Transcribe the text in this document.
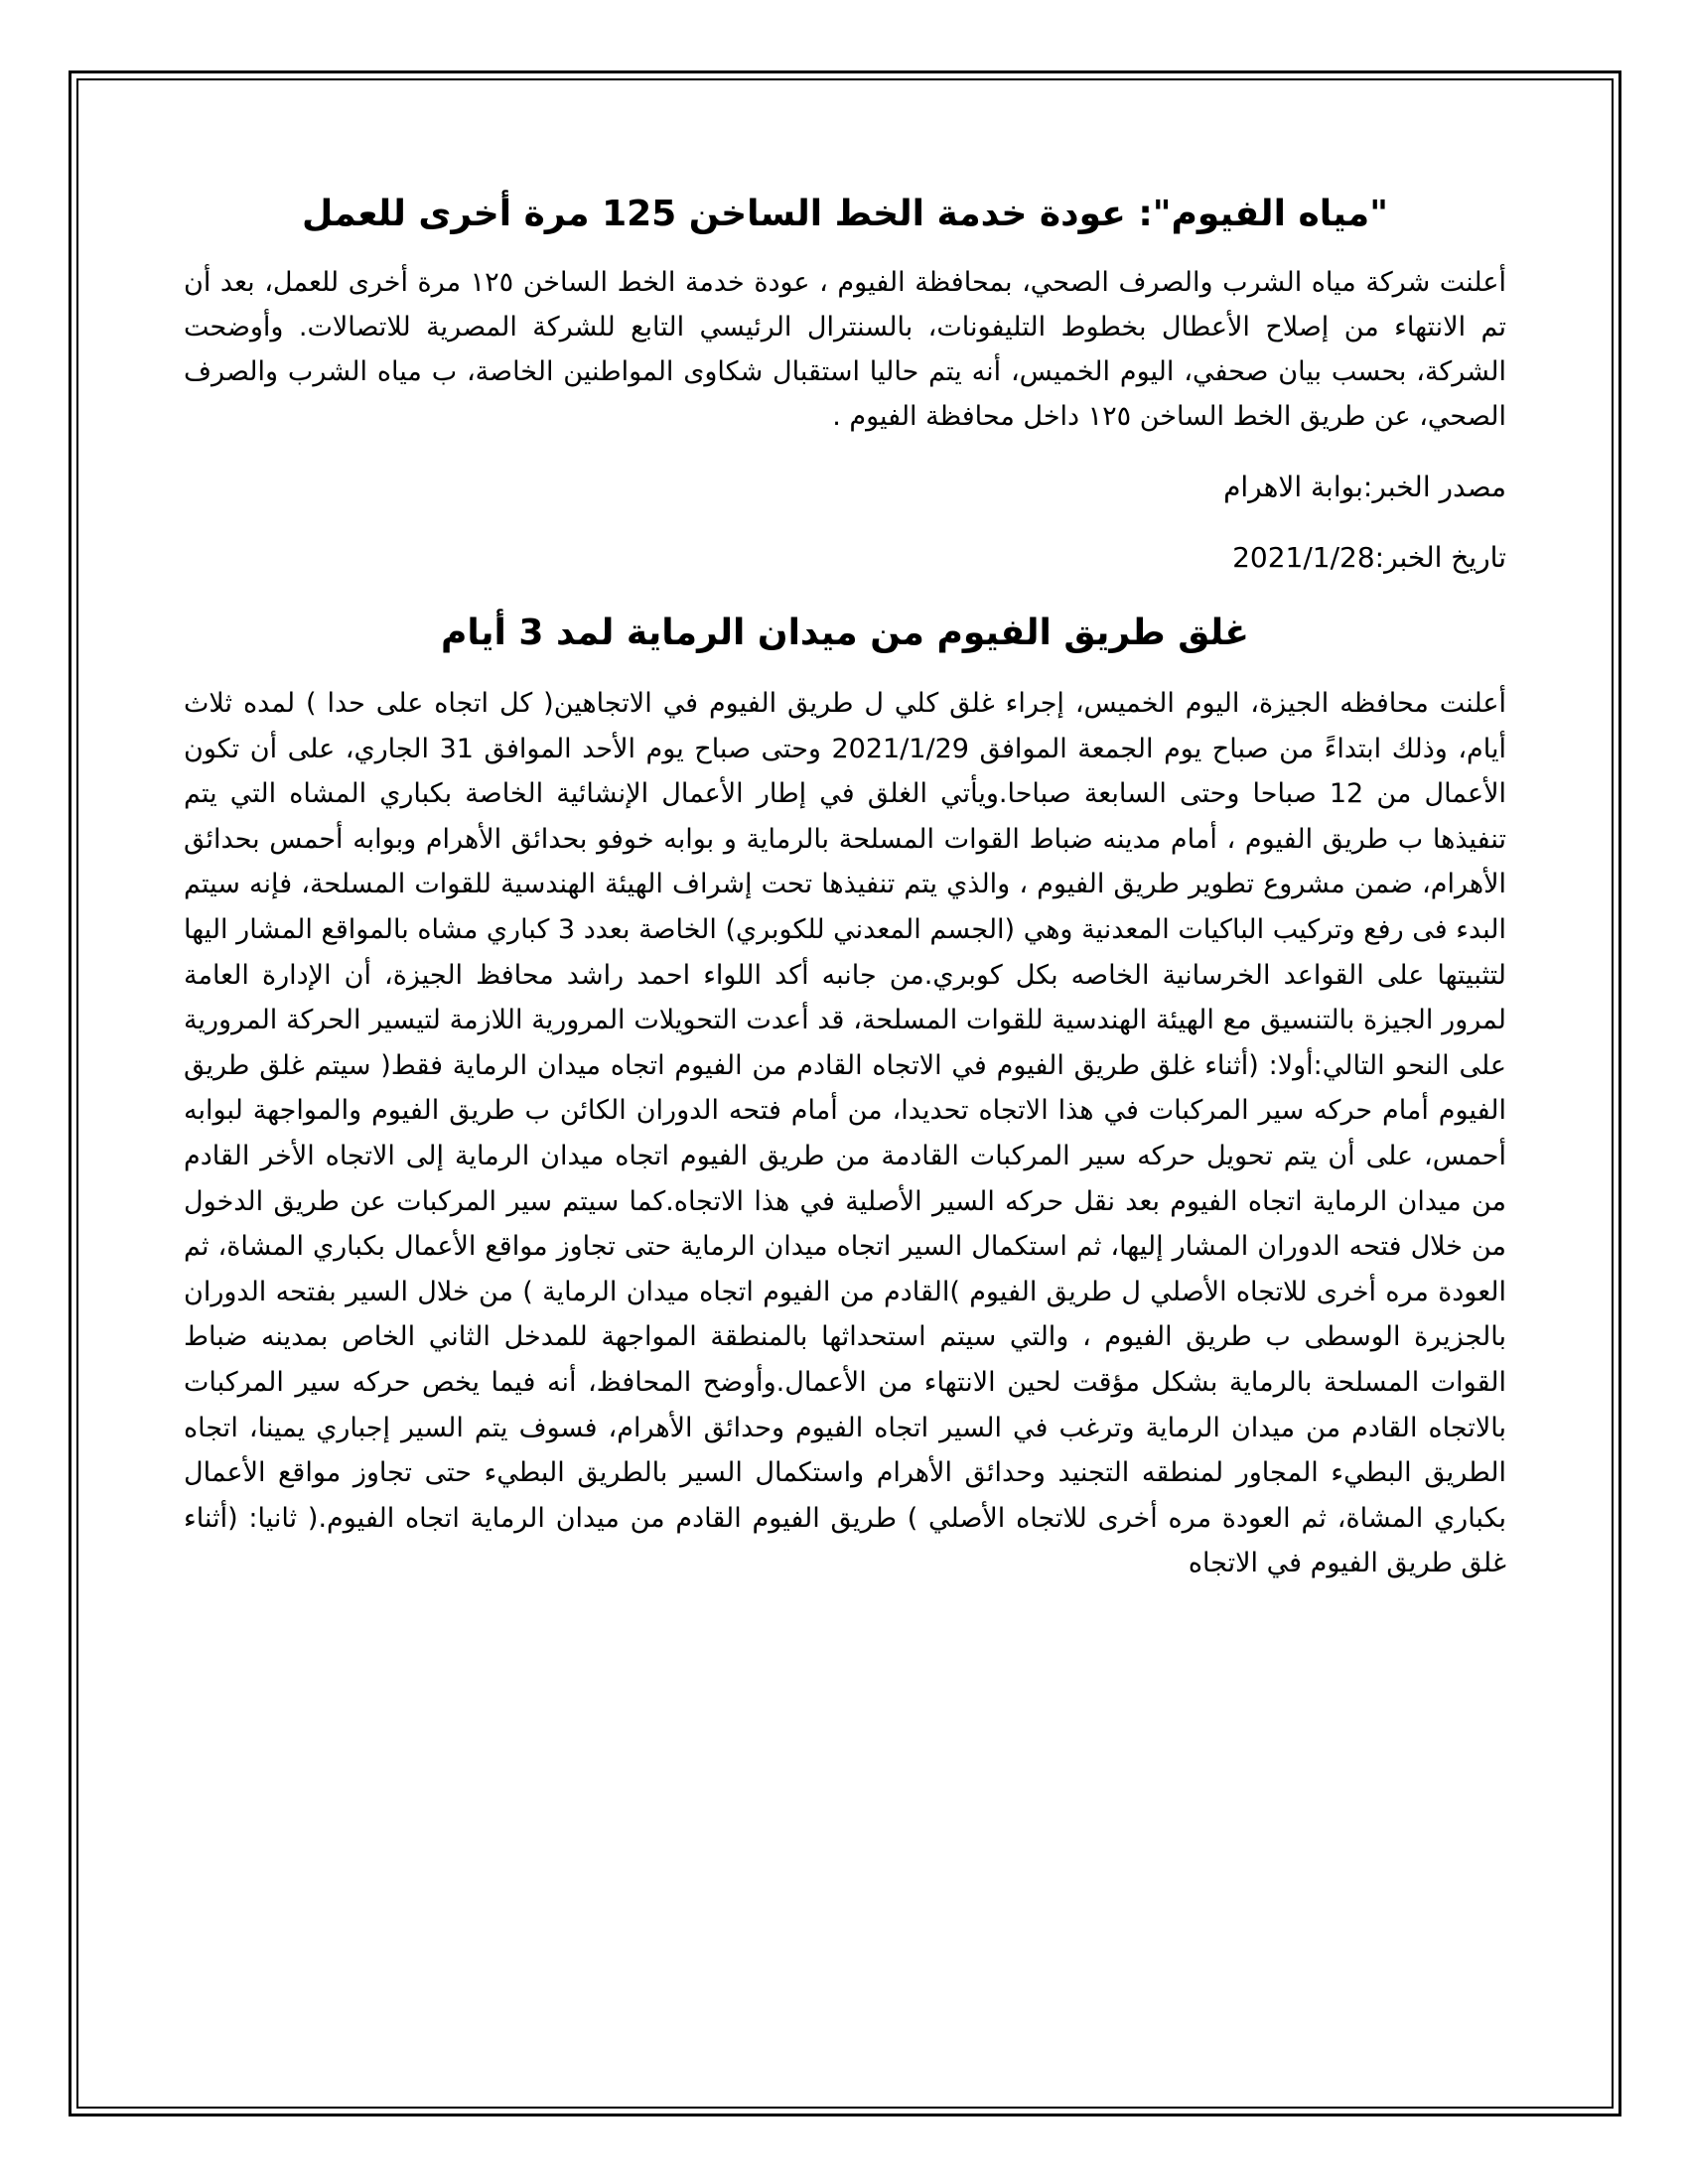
"مياه الفيوم": عودة خدمة الخط الساخن 125 مرة أخرى للعمل

أعلنت شركة مياه الشرب والصرف الصحي، بمحافظة الفيوم ، عودة خدمة الخط الساخن ١٢٥ مرة أخرى للعمل، بعد أن تم الانتهاء من إصلاح الأعطال بخطوط التليفونات، بالسنترال الرئيسي التابع للشركة المصرية للاتصالات. وأوضحت الشركة، بحسب بيان صحفي، اليوم الخميس، أنه يتم حاليا استقبال شكاوى المواطنين الخاصة، ب مياه الشرب والصرف الصحي، عن طريق الخط الساخن ١٢٥ داخل محافظة الفيوم .

مصدر الخبر:بوابة الاهرام

تاريخ الخبر:2021/1/28

غلق طريق الفيوم من ميدان الرماية لمد 3 أيام

أعلنت محافظه الجيزة، اليوم الخميس، إجراء غلق كلي ل طريق الفيوم في الاتجاهين( كل اتجاه على حدا ) لمده ثلاث أيام، وذلك ابتداءً من صباح يوم الجمعة الموافق 2021/1/29 وحتى صباح يوم الأحد الموافق 31 الجاري، على أن تكون الأعمال من 12 صباحا وحتى السابعة صباحا.ويأتي الغلق في إطار الأعمال الإنشائية الخاصة بكباري المشاه التي يتم تنفيذها ب طريق الفيوم ، أمام مدينه ضباط القوات المسلحة بالرماية و بوابه خوفو بحدائق الأهرام وبوابه أحمس بحدائق الأهرام، ضمن مشروع تطوير طريق الفيوم ، والذي يتم تنفيذها تحت إشراف الهيئة الهندسية للقوات المسلحة، فإنه سيتم البدء فى رفع وتركيب الباكيات المعدنية وهي (الجسم المعدني للكوبري) الخاصة بعدد 3 كباري مشاه بالمواقع المشار اليها لتثبيتها على القواعد الخرسانية الخاصه بكل كوبري.من جانبه أكد اللواء احمد راشد محافظ الجيزة، أن الإدارة العامة لمرور الجيزة بالتنسيق مع الهيئة الهندسية للقوات المسلحة، قد أعدت التحويلات المرورية اللازمة لتيسير الحركة المرورية على النحو التالي:أولا: (أثناء غلق طريق الفيوم في الاتجاه القادم من الفيوم اتجاه ميدان الرماية فقط( سيتم غلق طريق الفيوم أمام حركه سير المركبات في هذا الاتجاه تحديدا، من أمام فتحه الدوران الكائن ب طريق الفيوم والمواجهة لبوابه أحمس، على أن يتم تحويل حركه سير المركبات القادمة من طريق الفيوم اتجاه ميدان الرماية إلى الاتجاه الأخر القادم من ميدان الرماية اتجاه الفيوم بعد نقل حركه السير الأصلية في هذا الاتجاه.كما سيتم سير المركبات عن طريق الدخول من خلال فتحه الدوران المشار إليها، ثم استكمال السير اتجاه ميدان الرماية حتى تجاوز مواقع الأعمال بكباري المشاة، ثم العودة مره أخرى للاتجاه الأصلي ل طريق الفيوم )القادم من الفيوم اتجاه ميدان الرماية ) من خلال السير بفتحه الدوران بالجزيرة الوسطى ب طريق الفيوم ، والتي سيتم استحداثها بالمنطقة المواجهة للمدخل الثاني الخاص بمدينه ضباط القوات المسلحة بالرماية بشكل مؤقت لحين الانتهاء من الأعمال.وأوضح المحافظ، أنه فيما يخص حركه سير المركبات بالاتجاه القادم من ميدان الرماية وترغب في السير اتجاه الفيوم وحدائق الأهرام، فسوف يتم السير إجباري يمينا، اتجاه الطريق البطيء المجاور لمنطقه التجنيد وحدائق الأهرام واستكمال السير بالطريق البطيء حتى تجاوز مواقع الأعمال بكباري المشاة، ثم العودة مره أخرى للاتجاه الأصلي ) طريق الفيوم القادم من ميدان الرماية اتجاه الفيوم.( ثانيا: (أثناء غلق طريق الفيوم في الاتجاه
